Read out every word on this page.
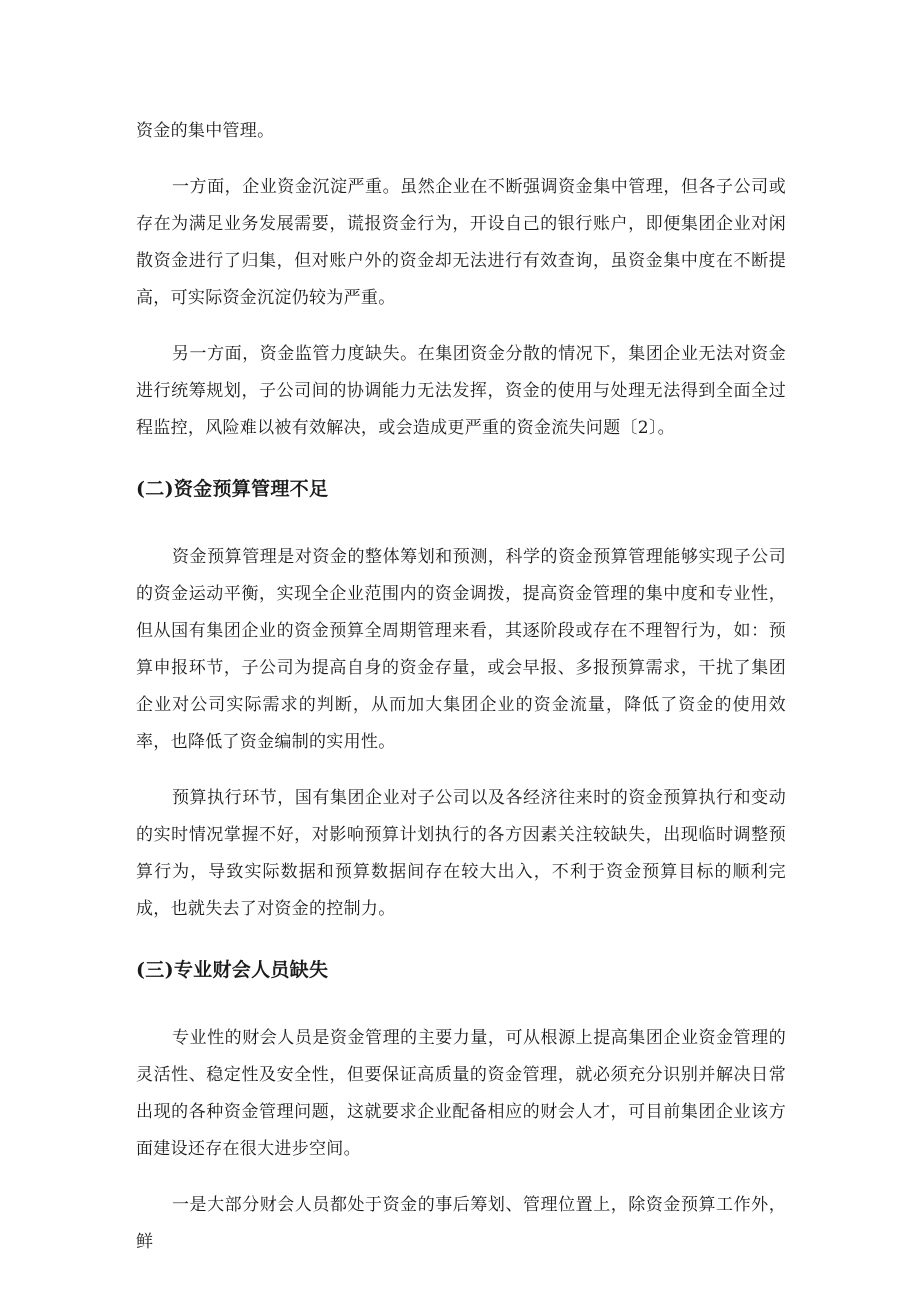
资金的集中管理。

一方面，企业资金沉淀严重。虽然企业在不断强调资金集中管理，但各子公司或存在为满足业务发展需要，谎报资金行为，开设自己的银行账户，即便集团企业对闲散资金进行了归集，但对账户外的资金却无法进行有效查询，虽资金集中度在不断提高，可实际资金沉淀仍较为严重。

另一方面，资金监管力度缺失。在集团资金分散的情况下，集团企业无法对资金进行统筹规划，子公司间的协调能力无法发挥，资金的使用与处理无法得到全面全过程监控，风险难以被有效解决，或会造成更严重的资金流失问题〔2〕。

(二)资金预算管理不足

资金预算管理是对资金的整体筹划和预测，科学的资金预算管理能够实现子公司的资金运动平衡，实现全企业范围内的资金调拨，提高资金管理的集中度和专业性，但从国有集团企业的资金预算全周期管理来看，其逐阶段或存在不理智行为，如：预算申报环节，子公司为提高自身的资金存量，或会早报、多报预算需求，干扰了集团企业对公司实际需求的判断，从而加大集团企业的资金流量，降低了资金的使用效率，也降低了资金编制的实用性。

预算执行环节，国有集团企业对子公司以及各经济往来时的资金预算执行和变动的实时情况掌握不好，对影响预算计划执行的各方因素关注较缺失，出现临时调整预算行为，导致实际数据和预算数据间存在较大出入，不利于资金预算目标的顺利完成，也就失去了对资金的控制力。

(三)专业财会人员缺失

专业性的财会人员是资金管理的主要力量，可从根源上提高集团企业资金管理的灵活性、稳定性及安全性，但要保证高质量的资金管理，就必须充分识别并解决日常出现的各种资金管理问题，这就要求企业配备相应的财会人才，可目前集团企业该方面建设还存在很大进步空间。

一是大部分财会人员都处于资金的事后筹划、管理位置上，除资金预算工作外，鲜
